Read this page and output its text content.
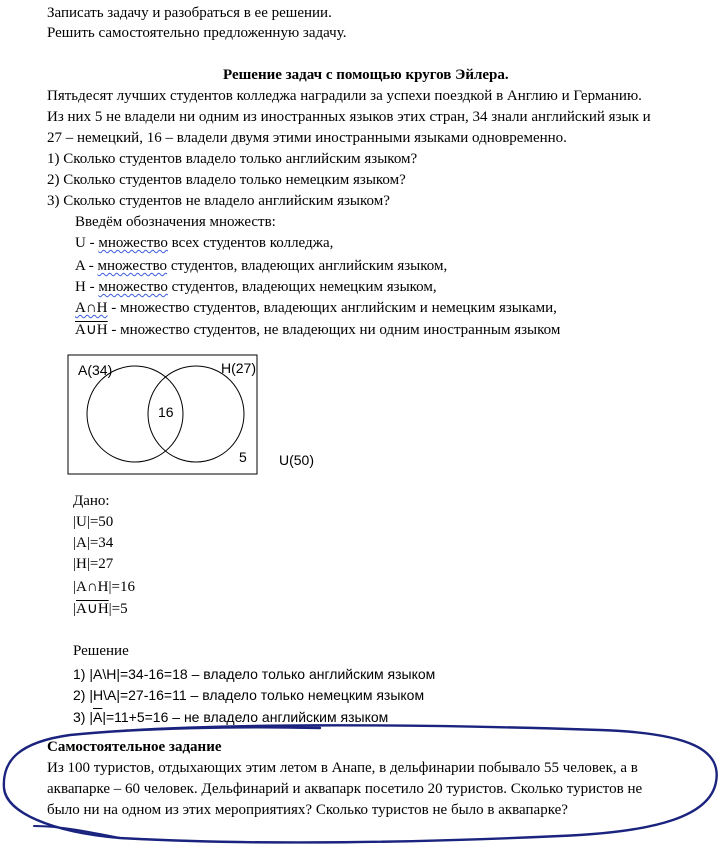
Записать задачу и разобраться в ее решении.
Решить самостоятельно предложенную задачу.
Решение задач с помощью кругов Эйлера.
Пятьдесят лучших студентов колледжа наградили за успехи поездкой в Англию и Германию.
Из них 5 не владели ни одним из иностранных языков этих стран, 34 знали английский язык и
27 – немецкий, 16 – владели двумя этими иностранными языками одновременно.
1) Сколько студентов владело только английским языком?
2) Сколько студентов владело только немецким языком?
3) Сколько студентов не владело английским языком?
Введём обозначения множеств:
U - множество всех студентов колледжа,
A - множество студентов, владеющих английским языком,
H - множество студентов, владеющих немецким языком,
A∩H - множество студентов, владеющих английским и немецким языками,
A∪H - множество студентов, не владеющих ни одним иностранным языком
A(34)	H(27)
16
5 U(50)
Дано:
|U|=50
|A|=34
|H|=27
|A∩H|=16
|A∪H|=5
Решение
1) |A\H|=34-16=18 – владело только английским языком
2) |H\A|=27-16=11 – владело только немецким языком
3) $|\overline{A}|=11+5=16$ – не владело английским языком
Самостоятельное задание
Из 100 туристов, отдыхающих этим летом в Анапе, в дельфинарии побывало 55 человек, а в
аквапарке – 60 человек. Дельфинарий и аквапарк посетило 20 туристов. Сколько туристов не
было ни на одном из этих мероприятиях? Сколько туристов не было в аквапарке?
